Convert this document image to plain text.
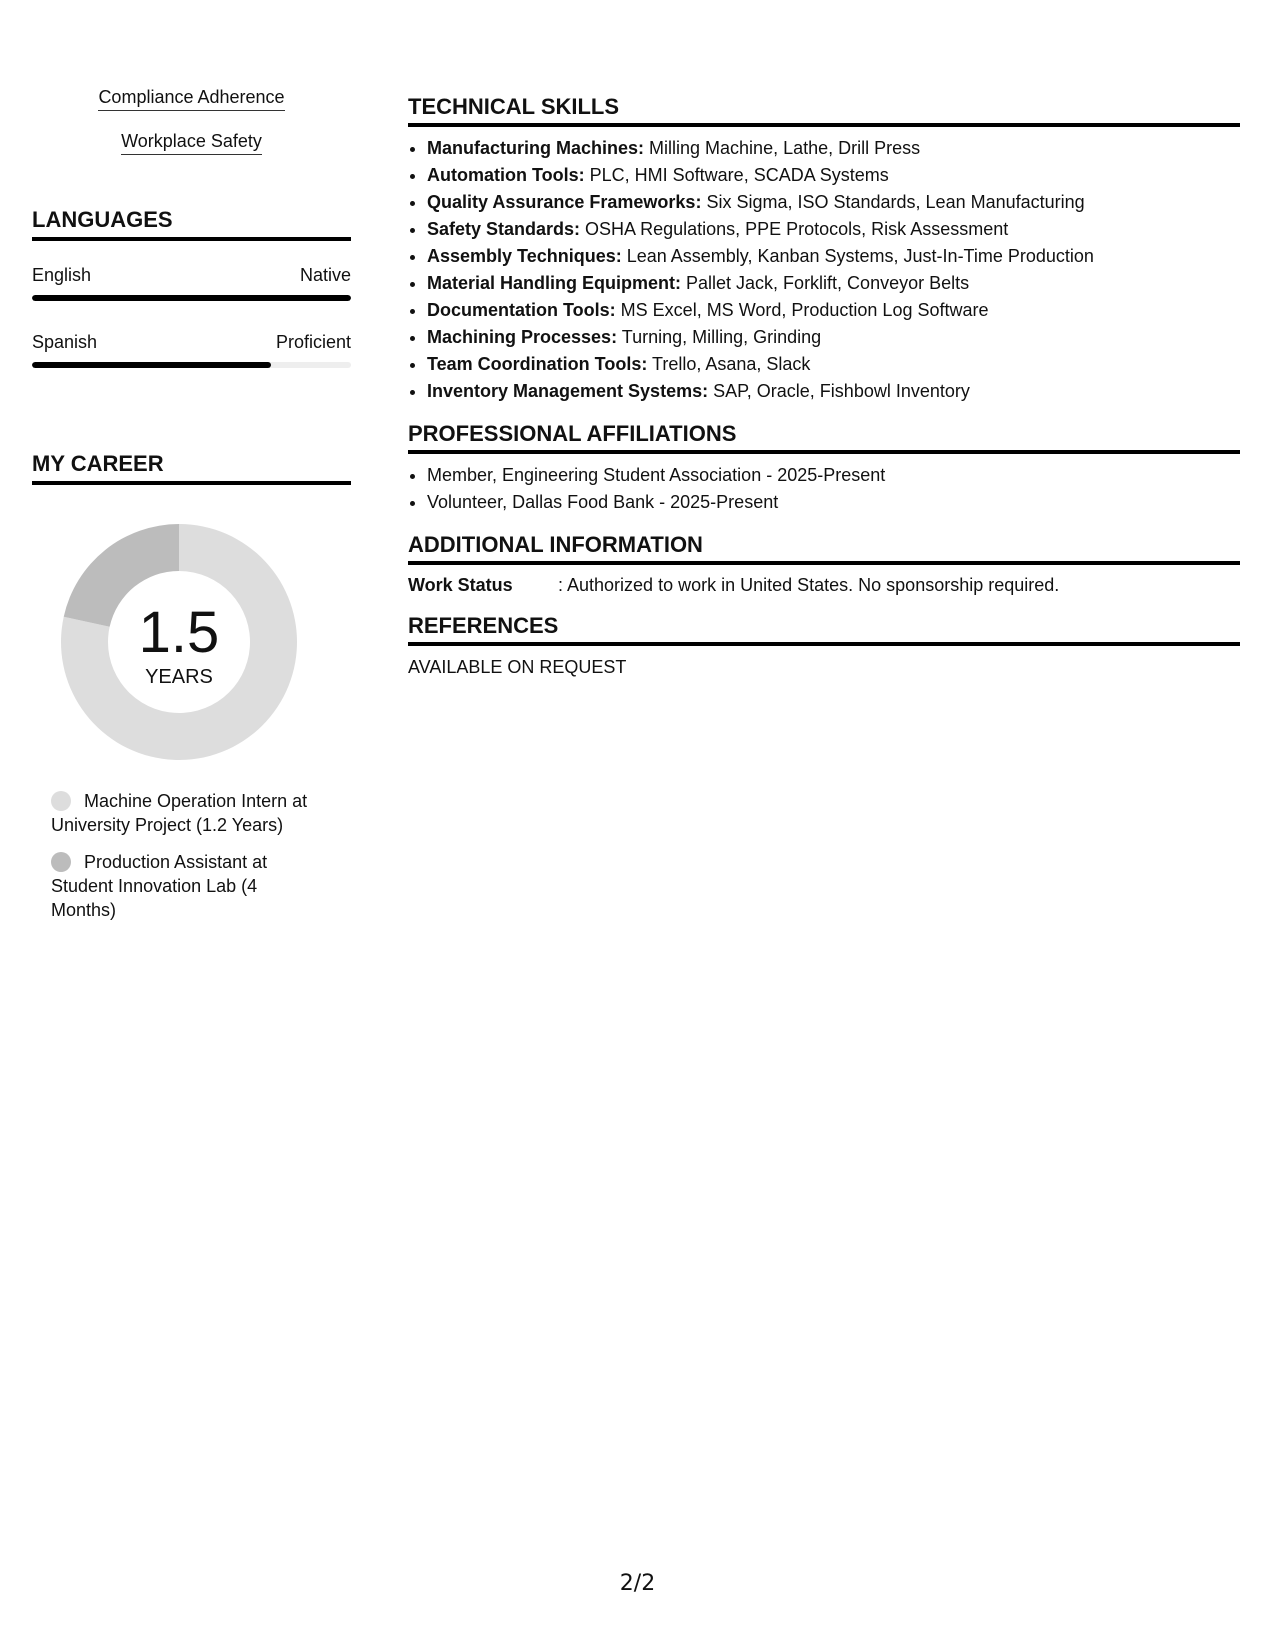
Compliance Adherence
Workplace Safety
LANGUAGES
English	Native
Spanish	Proficient
MY CAREER
1.5
YEARS
Machine Operation Intern at University Project (1.2 Years)
Production Assistant at Student Innovation Lab (4 Months)
TECHNICAL SKILLS
• Manufacturing Machines: Milling Machine, Lathe, Drill Press
• Automation Tools: PLC, HMI Software, SCADA Systems
• Quality Assurance Frameworks: Six Sigma, ISO Standards, Lean Manufacturing
• Safety Standards: OSHA Regulations, PPE Protocols, Risk Assessment
• Assembly Techniques: Lean Assembly, Kanban Systems, Just-In-Time Production
• Material Handling Equipment: Pallet Jack, Forklift, Conveyor Belts
• Documentation Tools: MS Excel, MS Word, Production Log Software
• Machining Processes: Turning, Milling, Grinding
• Team Coordination Tools: Trello, Asana, Slack
• Inventory Management Systems: SAP, Oracle, Fishbowl Inventory
PROFESSIONAL AFFILIATIONS
• Member, Engineering Student Association - 2025-Present
• Volunteer, Dallas Food Bank - 2025-Present
ADDITIONAL INFORMATION
Work Status	: Authorized to work in United States. No sponsorship required.
REFERENCES
AVAILABLE ON REQUEST
2/2
